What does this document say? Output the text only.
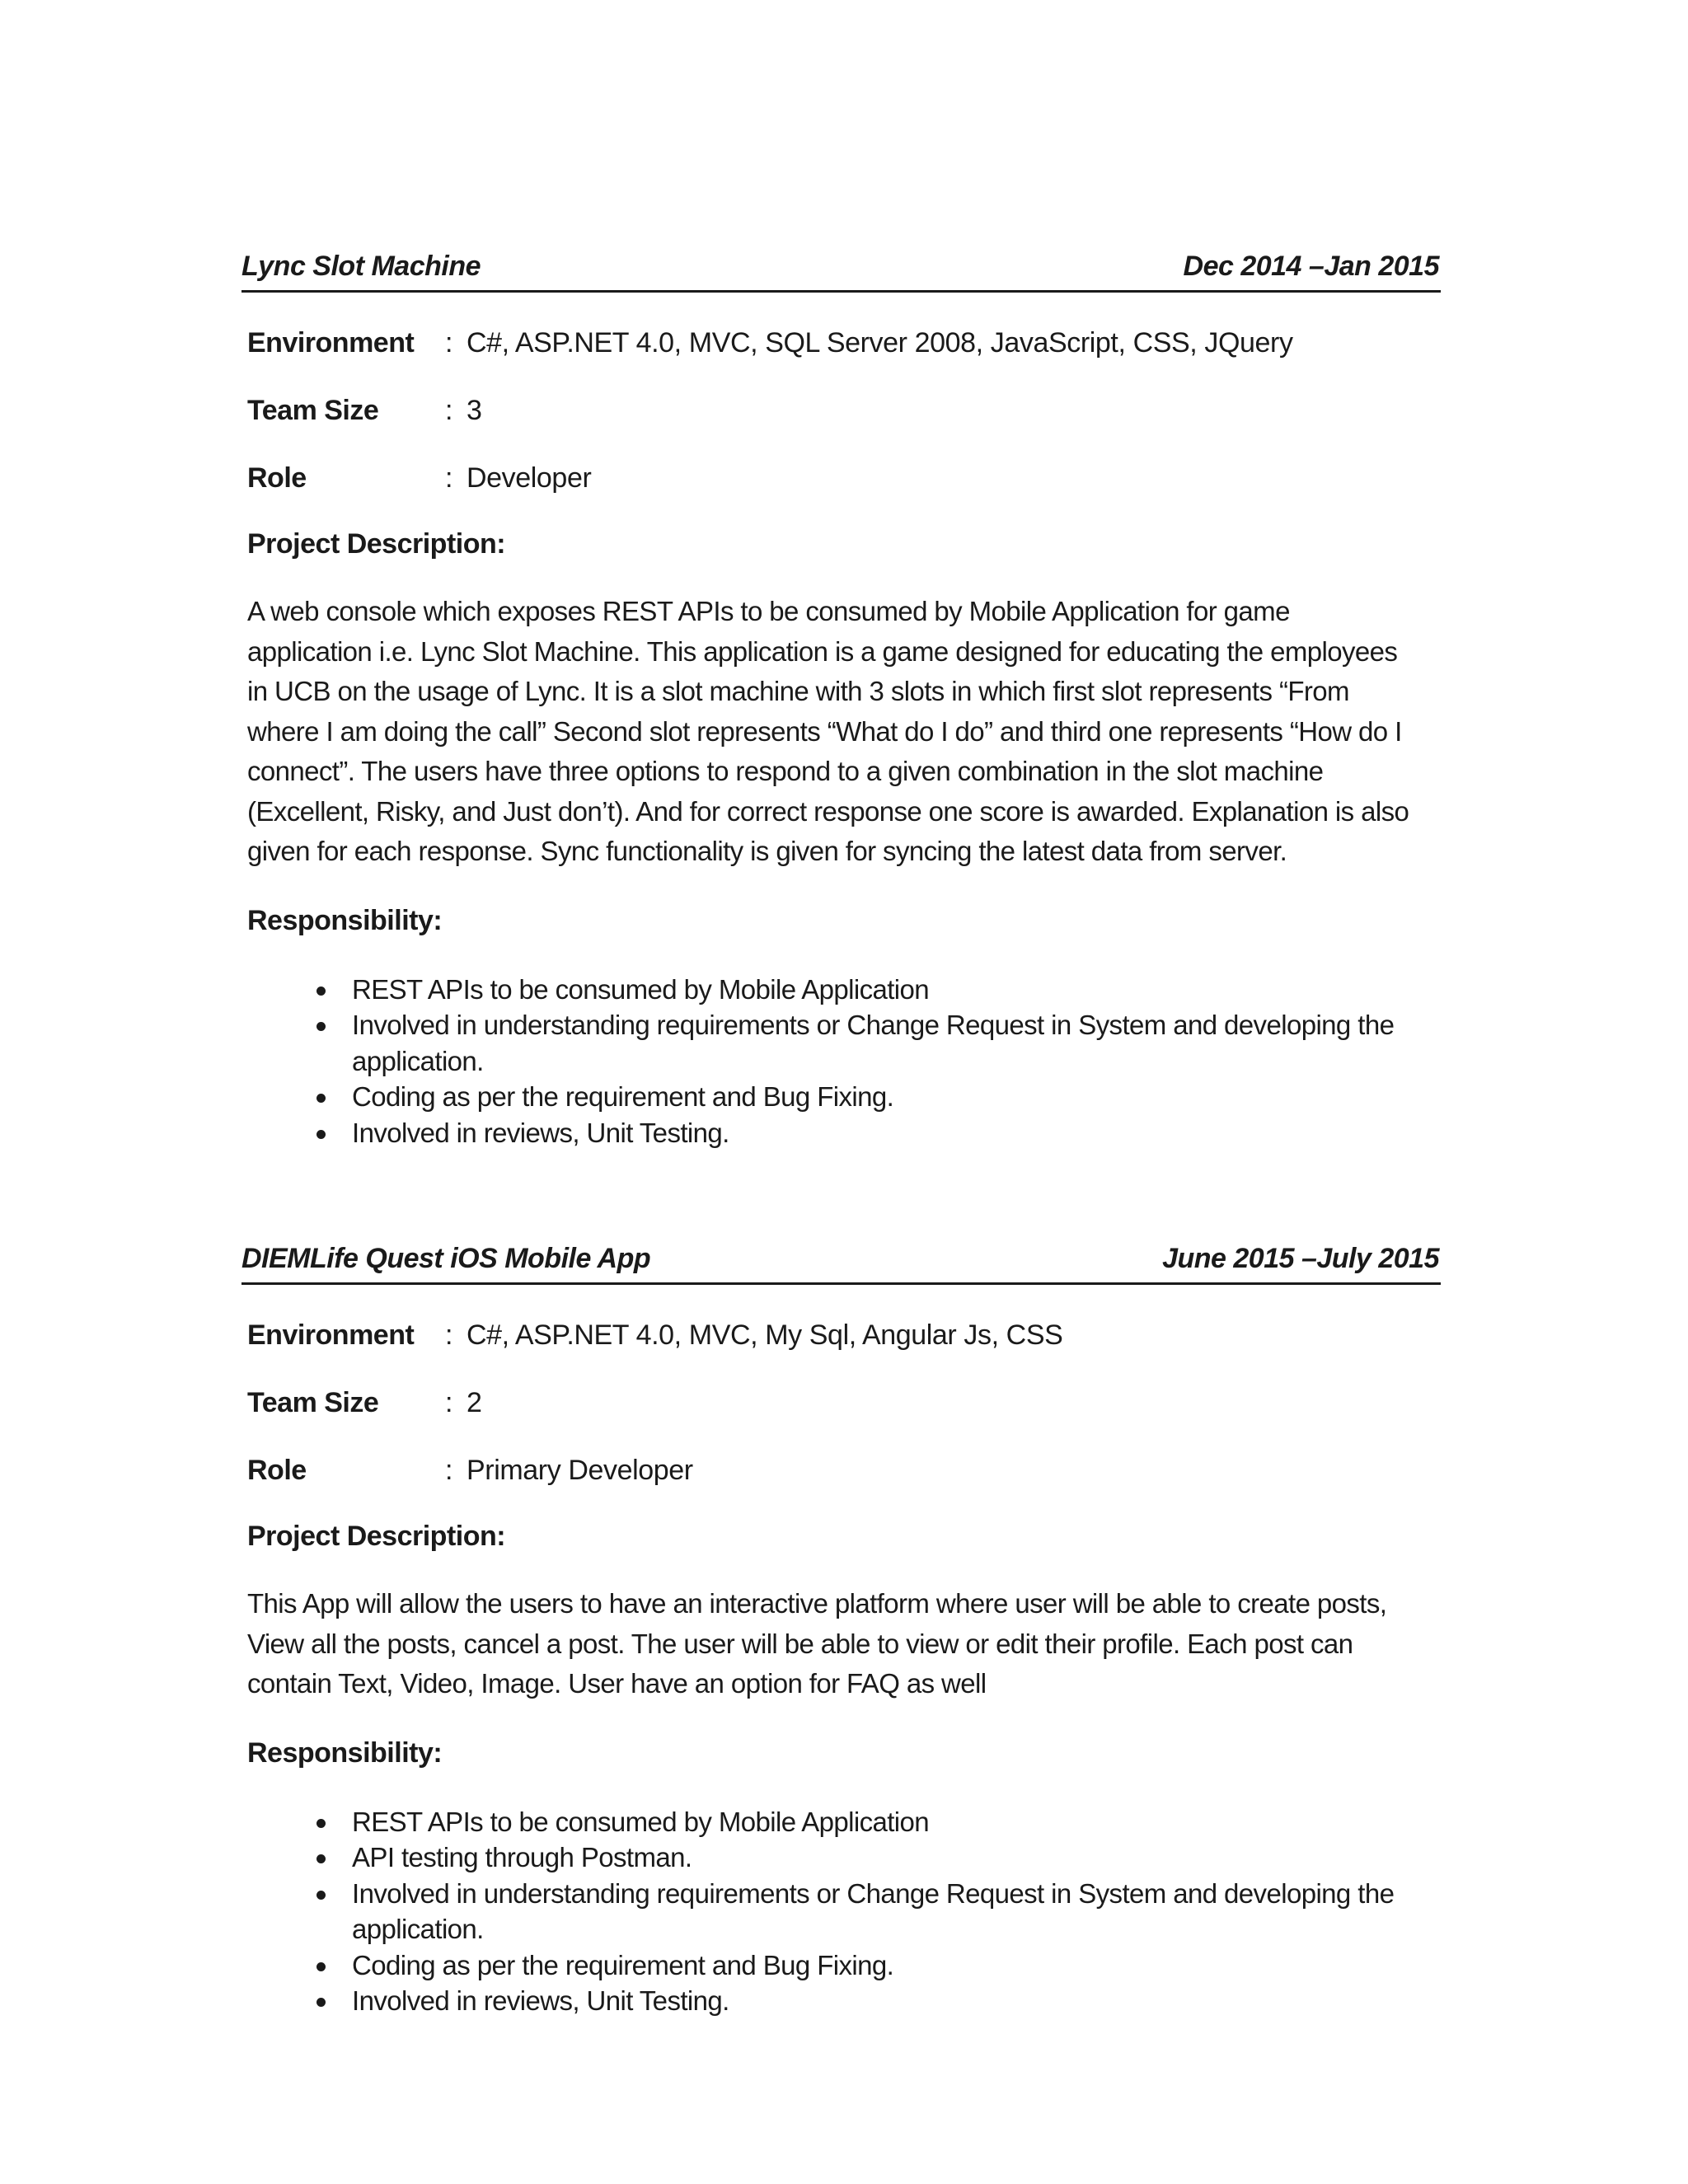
Lync Slot Machine	Dec 2014 –Jan 2015
Environment : C#, ASP.NET 4.0, MVC, SQL Server 2008, JavaScript, CSS, JQuery
Team Size : 3
Role	: Developer
Project Description:
A web console which exposes REST APIs to be consumed by Mobile Application for game application i.e. Lync Slot Machine. This application is a game designed for educating the employees in UCB on the usage of Lync. It is a slot machine with 3 slots in which first slot represents “From where I am doing the call” Second slot represents “What do I do” and third one represents “How do I connect”. The users have three options to respond to a given combination in the slot machine (Excellent, Risky, and Just don’t). And for correct response one score is awarded. Explanation is also given for each response. Sync functionality is given for syncing the latest data from server.
Responsibility:
REST APIs to be consumed by Mobile Application
Involved in understanding requirements or Change Request in System and developing the application.
Coding as per the requirement and Bug Fixing.
Involved in reviews, Unit Testing.
DIEMLife Quest iOS Mobile App	June 2015 –July 2015
Environment : C#, ASP.NET 4.0, MVC, My Sql, Angular Js, CSS
Team Size : 2
Role	: Primary Developer
Project Description:
This App will allow the users to have an interactive platform where user will be able to create posts, View all the posts, cancel a post. The user will be able to view or edit their profile. Each post can contain Text, Video, Image. User have an option for FAQ as well
Responsibility:
REST APIs to be consumed by Mobile Application
API testing through Postman.
Involved in understanding requirements or Change Request in System and developing the application.
Coding as per the requirement and Bug Fixing.
Involved in reviews, Unit Testing.
